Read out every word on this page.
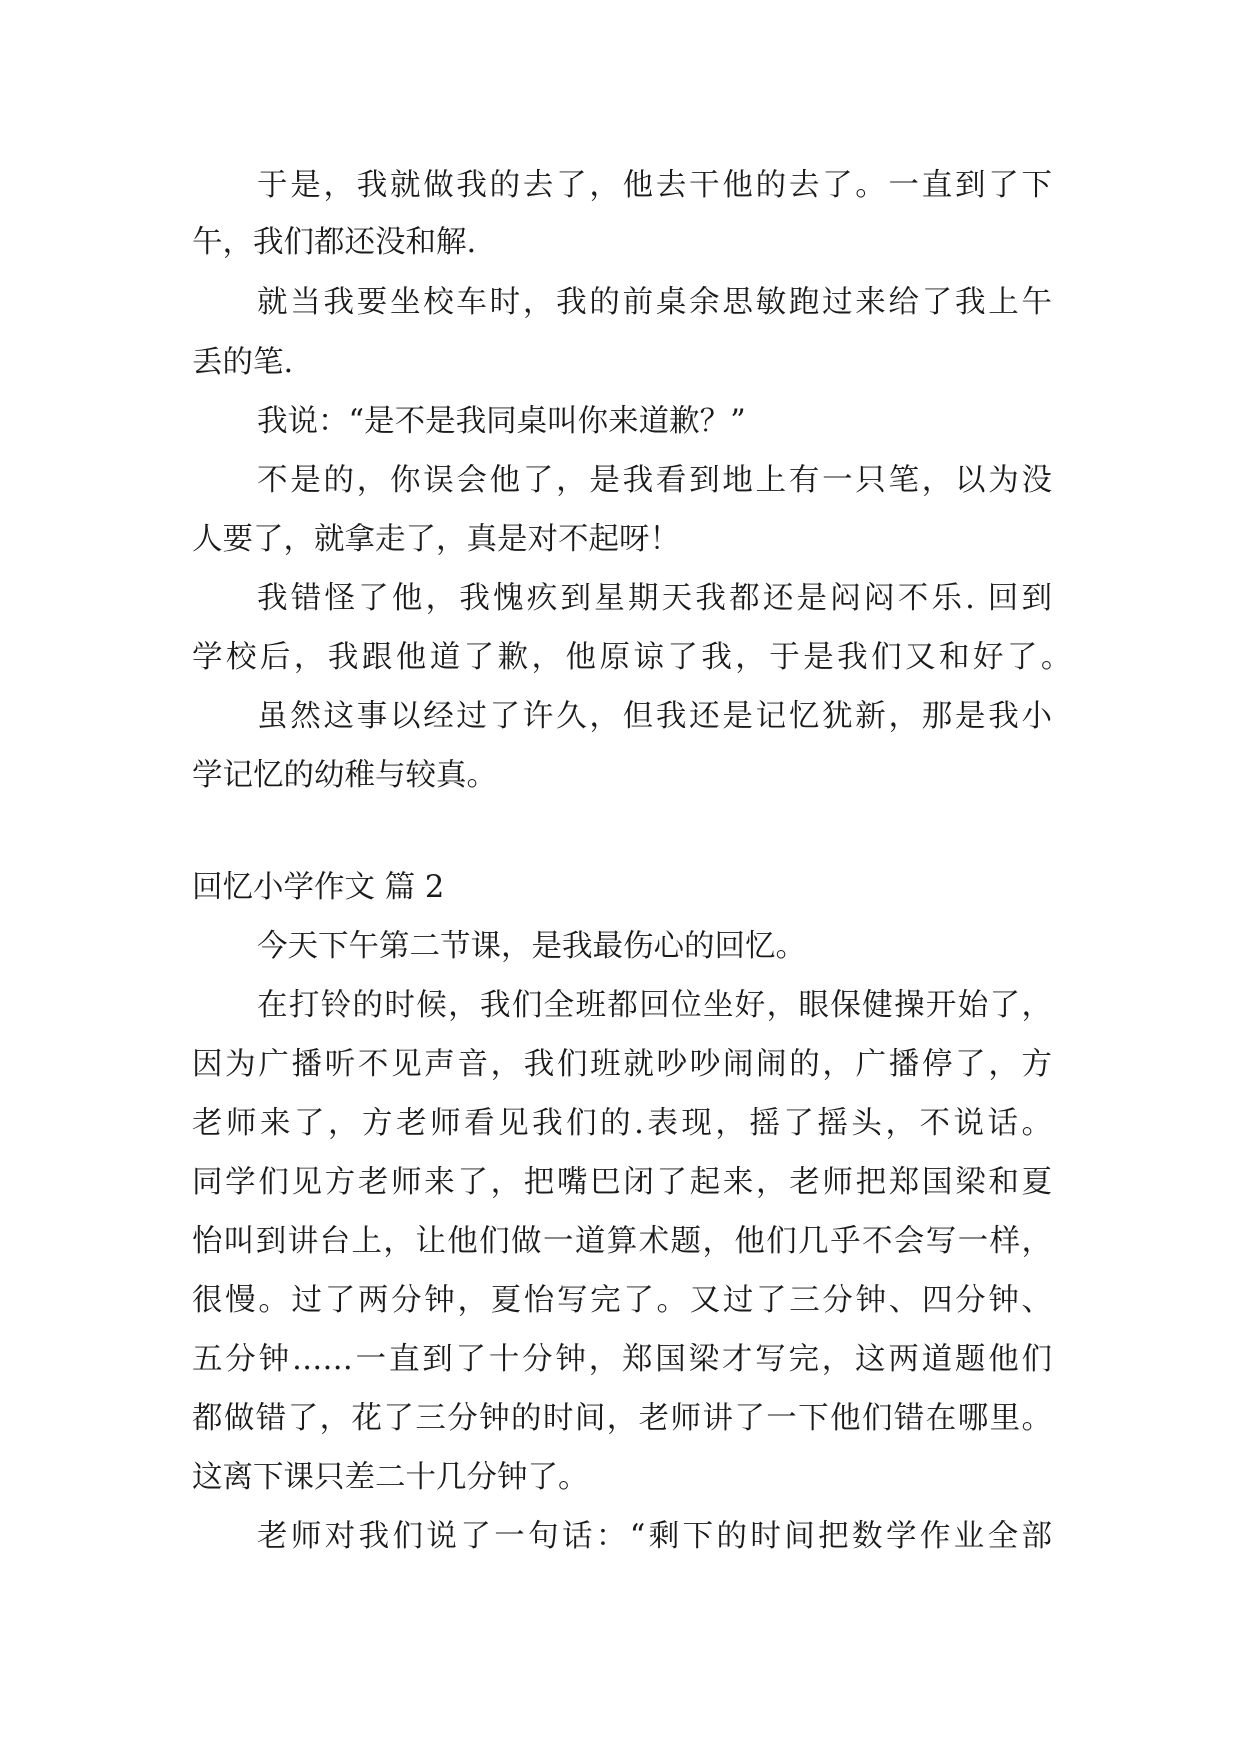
于是，我就做我的去了，他去干他的去了。一直到了下

午，我们都还没和解.

就当我要坐校车时，我的前桌余思敏跑过来给了我上午

丢的笔.

我说：“是不是我同桌叫你来道歉？”

不是的，你误会他了，是我看到地上有一只笔，以为没

人要了，就拿走了，真是对不起呀！

我错怪了他，我愧疚到星期天我都还是闷闷不乐. 回到

学校后，我跟他道了歉，他原谅了我，于是我们又和好了。

虽然这事以经过了许久，但我还是记忆犹新，那是我小

学记忆的幼稚与较真。

回忆小学作文 篇 2

今天下午第二节课，是我最伤心的回忆。

在打铃的时候，我们全班都回位坐好，眼保健操开始了，

因为广播听不见声音，我们班就吵吵闹闹的，广播停了，方

老师来了，方老师看见我们的.表现，摇了摇头，不说话。

同学们见方老师来了，把嘴巴闭了起来，老师把郑国梁和夏

怡叫到讲台上，让他们做一道算术题，他们几乎不会写一样，

很慢。过了两分钟，夏怡写完了。又过了三分钟、四分钟、

五分钟……一直到了十分钟，郑国梁才写完，这两道题他们

都做错了，花了三分钟的时间，老师讲了一下他们错在哪里。

这离下课只差二十几分钟了。

老师对我们说了一句话：“剩下的时间把数学作业全部
